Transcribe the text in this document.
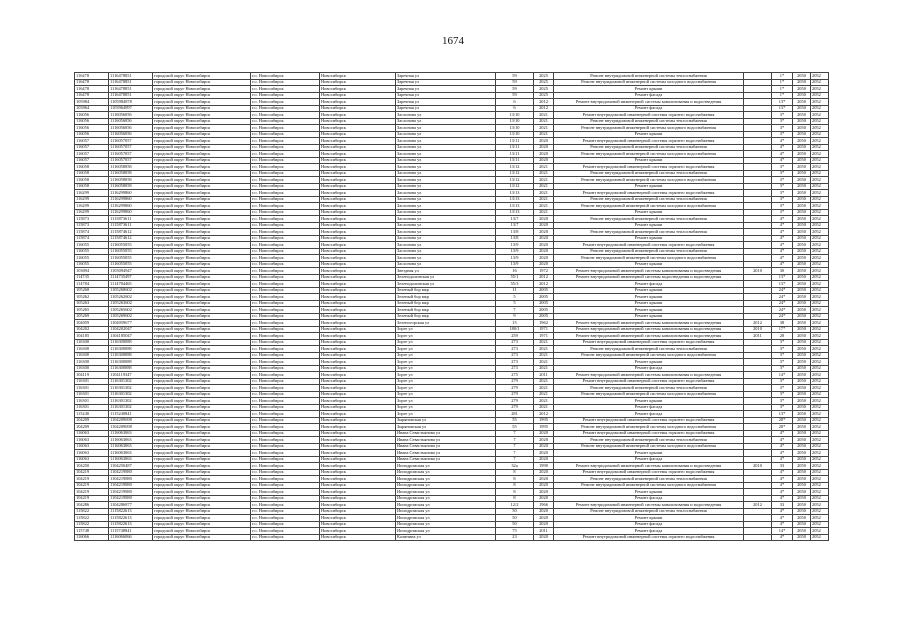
1674
116478	1116478851	городской округ Новосибирск	г.о. Новосибирск	Новосибирск	Заречная ул	59	2025	Ремонт внутридомовой инженерной системы теплоснабжения		1*	2050	2052
116478	1116478851	городской округ Новосибирск	г.о. Новосибирск	Новосибирск	Заречная ул	59	2025	Ремонт внутридомовой инженерной системы холодного водоснабжения		1*	2050	2052
116478	1116478851	городской округ Новосибирск	г.о. Новосибирск	Новосибирск	Заречная ул	59	2025	Ремонт крыши		1*	2050	2052
116478	1116478851	городской округ Новосибирск	г.о. Новосибирск	Новосибирск	Заречная ул	59	2025	Ремонт фасада		1*	2050	2052
105984	1105984878	городской округ Новосибирск	г.о. Новосибирск	Новосибирск	Заречная ул	6	2012	Ремонт внутридомовой инженерной системы канализования и водоотведения		13*	2050	2052
103964	1103964897	городской округ Новосибирск	г.о. Новосибирск	Новосибирск	Заречная ул	6	2012	Ремонт фасада		13*	2050	2052
116056	1116056056	городской округ Новосибирск	г.о. Новосибирск	Новосибирск	Заслонова ул	13/10	2021	Ремонт внутридомовой инженерной системы горячего водоснабжения		3*	2050	2052
116056	1116056056	городской округ Новосибирск	г.о. Новосибирск	Новосибирск	Заслонова ул	13/10	2021	Ремонт внутридомовой инженерной системы теплоснабжения		3*	2050	2052
116056	1116056056	городской округ Новосибирск	г.о. Новосибирск	Новосибирск	Заслонова ул	13/10	2021	Ремонт внутридомовой инженерной системы холодного водоснабжения		3*	2050	2052
116056	1116056056	городской округ Новосибирск	г.о. Новосибирск	Новосибирск	Заслонова ул	13/10	2021	Ремонт крыши		3*	2050	2052
116057	1116057057	городской округ Новосибирск	г.о. Новосибирск	Новосибирск	Заслонова ул	13/11	2020	Ремонт внутридомовой инженерной системы горячего водоснабжения		4*	2050	2052
116057	1116057057	городской округ Новосибирск	г.о. Новосибирск	Новосибирск	Заслонова ул	13/11	2020	Ремонт внутридомовой инженерной системы теплоснабжения		4*	2050	2052
116057	1116057057	городской округ Новосибирск	г.о. Новосибирск	Новосибирск	Заслонова ул	13/11	2020	Ремонт внутридомовой инженерной системы холодного водоснабжения		4*	2050	2052
116057	1116057057	городской округ Новосибирск	г.о. Новосибирск	Новосибирск	Заслонова ул	13/11	2020	Ремонт крыши		4*	2050	2052
116058	1116058058	городской округ Новосибирск	г.о. Новосибирск	Новосибирск	Заслонова ул	13/12	2021	Ремонт внутридомовой инженерной системы горячего водоснабжения		3*	2050	2052
116058	1116058058	городской округ Новосибирск	г.о. Новосибирск	Новосибирск	Заслонова ул	13/12	2021	Ремонт внутридомовой инженерной системы теплоснабжения		3*	2050	2052
116058	1116058058	городской округ Новосибирск	г.о. Новосибирск	Новосибирск	Заслонова ул	13/12	2021	Ремонт внутридомовой инженерной системы холодного водоснабжения		3*	2050	2052
116058	1116058058	городской округ Новосибирск	г.о. Новосибирск	Новосибирск	Заслонова ул	13/12	2021	Ремонт крыши		3*	2050	2052
116299	1116299860	городской округ Новосибирск	г.о. Новосибирск	Новосибирск	Заслонова ул	13/13	2021	Ремонт внутридомовой инженерной системы горячего водоснабжения		3*	2050	2052
116299	1116299860	городской округ Новосибирск	г.о. Новосибирск	Новосибирск	Заслонова ул	13/13	2021	Ремонт внутридомовой инженерной системы теплоснабжения		3*	2050	2052
116299	1116299860	городской округ Новосибирск	г.о. Новосибирск	Новосибирск	Заслонова ул	13/13	2021	Ремонт внутридомовой инженерной системы холодного водоснабжения		3*	2050	2052
116299	1116299860	городской округ Новосибирск	г.о. Новосибирск	Новосибирск	Заслонова ул	13/13	2021	Ремонт крыши		3*	2050	2052
115873	1115873611	городской округ Новосибирск	г.о. Новосибирск	Новосибирск	Заслонова ул	13/7	2020	Ремонт внутридомовой инженерной системы теплоснабжения		4*	2050	2052
115873	1115873611	городской округ Новосибирск	г.о. Новосибирск	Новосибирск	Заслонова ул	13/7	2020	Ремонт крыши		4*	2050	2052
115874	1115874612	городской округ Новосибирск	г.о. Новосибирск	Новосибирск	Заслонова ул	13/8	2020	Ремонт внутридомовой инженерной системы теплоснабжения		4*	2050	2052
115874	1115874612	городской округ Новосибирск	г.о. Новосибирск	Новосибирск	Заслонова ул	13/8	2020	Ремонт крыши		4*	2050	2052
116055	1116055055	городской округ Новосибирск	г.о. Новосибирск	Новосибирск	Заслонова ул	13/9	2020	Ремонт внутридомовой инженерной системы горячего водоснабжения		4*	2050	2052
116055	1116055055	городской округ Новосибирск	г.о. Новосибирск	Новосибирск	Заслонова ул	13/9	2020	Ремонт внутридомовой инженерной системы теплоснабжения		4*	2050	2052
116055	1116055055	городской округ Новосибирск	г.о. Новосибирск	Новосибирск	Заслонова ул	13/9	2020	Ремонт внутридомовой инженерной системы холодного водоснабжения		4*	2050	2052
116055	1116055055	городской округ Новосибирск	г.о. Новосибирск	Новосибирск	Заслонова ул	13/9	2020	Ремонт крыши		4*	2050	2052
103094	1103094947	городской округ Новосибирск	г.о. Новосибирск	Новосибирск	Звездная ул	16	1972	Ремонт внутридомовой инженерной системы канализования и водоотведения	2010	30	2050	2052
114735	1114735497	городской округ Новосибирск	г.о. Новосибирск	Новосибирск	Зеленодолинская ул	55/1	2012	Ремонт внутридомовой инженерной системы водоотведения и водоотведения		13*	2050	2052
114784	1114784465	городской округ Новосибирск	г.о. Новосибирск	Новосибирск	Зеленодолинская ул	55/3	2012	Ремонт фасада		13*	2050	2052
105268	1105268602	городской округ Новосибирск	г.о. Новосибирск	Новосибирск	Зеленый бор мкр	11	2005	Ремонт крыши		24*	2050	2052
105262	1105262602	городской округ Новосибирск	г.о. Новосибирск	Новосибирск	Зеленый бор мкр	5	2005	Ремонт крыши		24*	2050	2052
105263	1105263602	городской округ Новосибирск	г.о. Новосибирск	Новосибирск	Зеленый бор мкр	5	2005	Ремонт крыши		24*	2050	2052
105265	1105265602	городской округ Новосибирск	г.о. Новосибирск	Новосибирск	Зеленый бор мкр	7	2005	Ремонт крыши		24*	2050	2052
105269	1105269602	городской округ Новосибирск	г.о. Новосибирск	Новосибирск	Зеленый бор мкр	9	2005	Ремонт крыши		24*	2050	2052
104059	1104059677	городской округ Новосибирск	г.о. Новосибирск	Новосибирск	Зеленогорская ул	15	1962	Ремонт внутридомовой инженерной системы канализования и водоотведения	2012	38	2050	2052
104202	1104202047	городской округ Новосибирск	г.о. Новосибирск	Новосибирск	Зорге ул	180/1	1971	Ремонт внутридомовой инженерной системы канализования и водоотведения	2010	17*	2050	2052
104185	1104185047	городской округ Новосибирск	г.о. Новосибирск	Новосибирск	Зорге ул	259	1971	Ремонт внутридомовой инженерной системы канализования и водоотведения	2011	28	2050	2052
116300	1116300088	городской округ Новосибирск	г.о. Новосибирск	Новосибирск	Зорге ул	273	2021	Ремонт внутридомовой инженерной системы горячего водоснабжения		3*	2050	2052
116300	1116300088	городской округ Новосибирск	г.о. Новосибирск	Новосибирск	Зорге ул	273	2021	Ремонт внутридомовой инженерной системы теплоснабжения		3*	2050	2052
116300	1116300088	городской округ Новосибирск	г.о. Новосибирск	Новосибирск	Зорге ул	273	2021	Ремонт внутридомовой инженерной системы холодного водоснабжения		3*	2050	2052
116300	1116300088	городской округ Новосибирск	г.о. Новосибирск	Новосибирск	Зорге ул	273	2021	Ремонт крыши		3*	2050	2052
116300	1116300088	городской округ Новосибирск	г.о. Новосибирск	Новосибирск	Зорге ул	273	2021	Ремонт фасада		3*	2050	2052
104119	1104119347	городской округ Новосибирск	г.о. Новосибирск	Новосибирск	Зорге ул	275	2011	Ремонт внутридомовой инженерной системы канализования и водоотведения		14*	2050	2052
116301	1116301302	городской округ Новосибирск	г.о. Новосибирск	Новосибирск	Зорге ул	279	2021	Ремонт внутридомовой инженерной системы горячего водоснабжения		3*	2050	2052
116301	1116301302	городской округ Новосибирск	г.о. Новосибирск	Новосибирск	Зорге ул	279	2021	Ремонт внутридомовой инженерной системы теплоснабжения		3*	2050	2052
116301	1116301302	городской округ Новосибирск	г.о. Новосибирск	Новосибирск	Зорге ул	279	2021	Ремонт внутридомовой инженерной системы холодного водоснабжения		3*	2050	2052
116301	1116301302	городской округ Новосибирск	г.о. Новосибирск	Новосибирск	Зорге ул	279	2021	Ремонт крыши		3*	2050	2052
116301	1116301302	городской округ Новосибирск	г.о. Новосибирск	Новосибирск	Зорге ул	279	2021	Ремонт фасада		3*	2050	2052
115240	1115240841	городской округ Новосибирск	г.о. Новосибирск	Новосибирск	Зорге ул	281	2012	Ремонт фасада		13*	2050	2052
104209	1104209698	городской округ Новосибирск	г.о. Новосибирск	Новосибирск	Зыряновская ул	55	1995	Ремонт внутридомовой инженерной системы горячего водоснабжения		28*	2050	2052
104209	1104209698	городской округ Новосибирск	г.о. Новосибирск	Новосибирск	Зыряновская ул	55	1995	Ремонт внутридомовой инженерной системы холодного водоснабжения		28*	2050	2052
116063	1116063063	городской округ Новосибирск	г.о. Новосибирск	Новосибирск	Ивана Севастьянова ул	7	2020	Ремонт внутридомовой инженерной системы горячего водоснабжения		4*	2050	2052
116063	1116063063	городской округ Новосибирск	г.о. Новосибирск	Новосибирск	Ивана Севастьянова ул	7	2020	Ремонт внутридомовой инженерной системы теплоснабжения		4*	2050	2052
116063	1116063063	городской округ Новосибирск	г.о. Новосибирск	Новосибирск	Ивана Севастьянова ул	7	2020	Ремонт внутридомовой инженерной системы холодного водоснабжения		4*	2050	2052
116063	1116063063	городской округ Новосибирск	г.о. Новосибирск	Новосибирск	Ивана Севастьянова ул	7	2020	Ремонт крыши		4*	2050	2052
116063	1116063063	городской округ Новосибирск	г.о. Новосибирск	Новосибирск	Ивана Севастьянова ул	7	2020	Ремонт фасада		4*	2050	2052
104250	1104250487	городской округ Новосибирск	г.о. Новосибирск	Новосибирск	Ипподромская ул	32а	1990	Ремонт внутридомовой инженерной системы канализования и водоотведения	2010	33	2050	2052
104219	1104219880	городской округ Новосибирск	г.о. Новосибирск	Новосибирск	Ипподромская ул	8	2020	Ремонт внутридомовой инженерной системы горячего водоснабжения		4*	2050	2052
104219	1104219880	городской округ Новосибирск	г.о. Новосибирск	Новосибирск	Ипподромская ул	8	2020	Ремонт внутридомовой инженерной системы теплоснабжения		4*	2050	2052
104219	1104219880	городской округ Новосибирск	г.о. Новосибирск	Новосибирск	Ипподромская ул	8	2020	Ремонт внутридомовой инженерной системы холодного водоснабжения		4*	2050	2052
104219	1104219880	городской округ Новосибирск	г.о. Новосибирск	Новосибирск	Ипподромская ул	8	2020	Ремонт крыши		4*	2050	2052
104219	1104219880	городской округ Новосибирск	г.о. Новосибирск	Новосибирск	Ипподромская ул	8	2020	Ремонт фасада		4*	2050	2052
104286	1104286877	городской округ Новосибирск	г.о. Новосибирск	Новосибирск	Ипподромская ул	12/2	1966	Ремонт внутридомовой инженерной системы канализования и водоотведения	2012	33	2050	2052
115822	1115822613	городской округ Новосибирск	г.о. Новосибирск	Новосибирск	Ипподромская ул	50	2020	Ремонт внутридомовой инженерной системы теплоснабжения		4*	2050	2052
115822	1115822613	городской округ Новосибирск	г.о. Новосибирск	Новосибирск	Ипподромская ул	50	2020	Ремонт крыши		4*	2050	2052
115822	1115822613	городской округ Новосибирск	г.о. Новосибирск	Новосибирск	Ипподромская ул	50	2020	Ремонт фасада		4*	2050	2052
115748	1115748841	городской округ Новосибирск	г.о. Новосибирск	Новосибирск	Ипподромская ул	75	2011	Ремонт фасада		14*	2050	2052
116066	1116066066	городской округ Новосибирск	г.о. Новосибирск	Новосибирск	Калинина ул	23	2020	Ремонт внутридомовой инженерной системы горячего водоснабжения		4*	2050	2052
